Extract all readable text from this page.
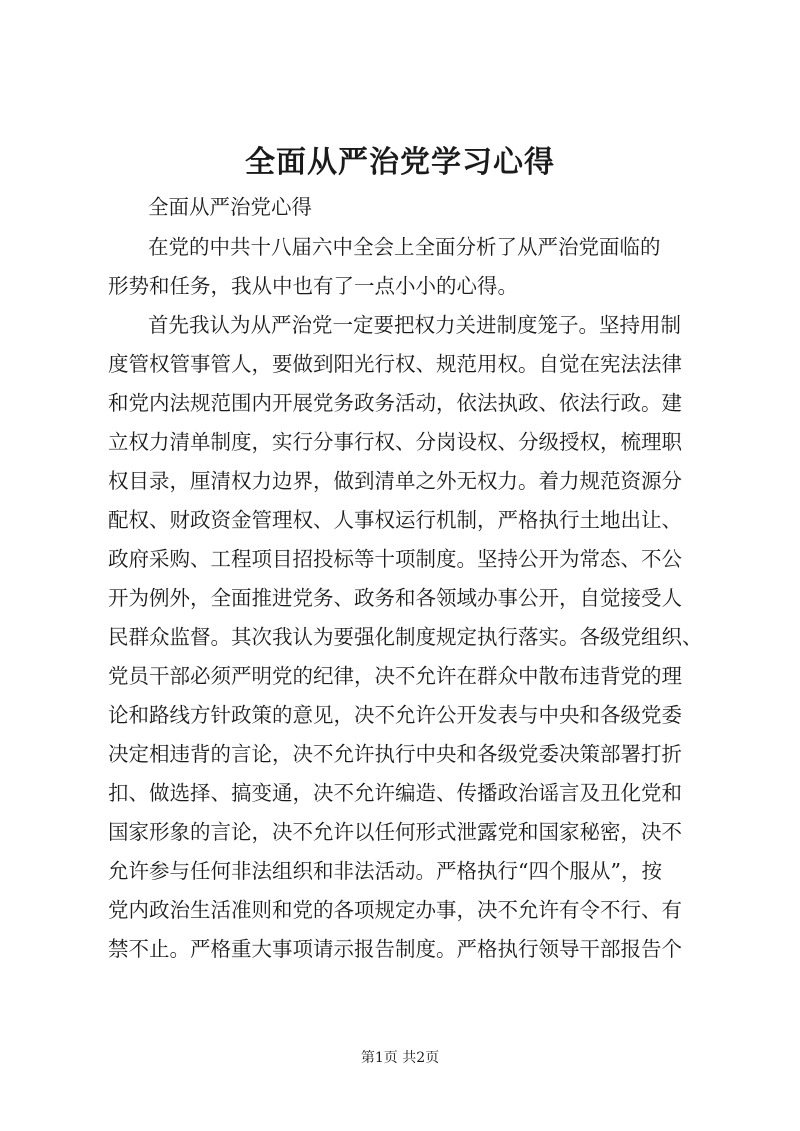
全面从严治党学习心得
全面从严治党心得
在党的中共十八届六中全会上全面分析了从严治党面临的
形势和任务，我从中也有了一点小小的心得。
首先我认为从严治党一定要把权力关进制度笼子。坚持用制
度管权管事管人，要做到阳光行权、规范用权。自觉在宪法法律
和党内法规范围内开展党务政务活动，依法执政、依法行政。建
立权力清单制度，实行分事行权、分岗设权、分级授权，梳理职
权目录，厘清权力边界，做到清单之外无权力。着力规范资源分
配权、财政资金管理权、人事权运行机制，严格执行土地出让、
政府采购、工程项目招投标等十项制度。坚持公开为常态、不公
开为例外，全面推进党务、政务和各领域办事公开，自觉接受人
民群众监督。其次我认为要强化制度规定执行落实。各级党组织、
党员干部必须严明党的纪律，决不允许在群众中散布违背党的理
论和路线方针政策的意见，决不允许公开发表与中央和各级党委
决定相违背的言论，决不允许执行中央和各级党委决策部署打折
扣、做选择、搞变通，决不允许编造、传播政治谣言及丑化党和
国家形象的言论，决不允许以任何形式泄露党和国家秘密，决不
允许参与任何非法组织和非法活动。严格执行“四个服从”，按
党内政治生活准则和党的各项规定办事，决不允许有令不行、有
禁不止。严格重大事项请示报告制度。严格执行领导干部报告个
第1页 共2页
